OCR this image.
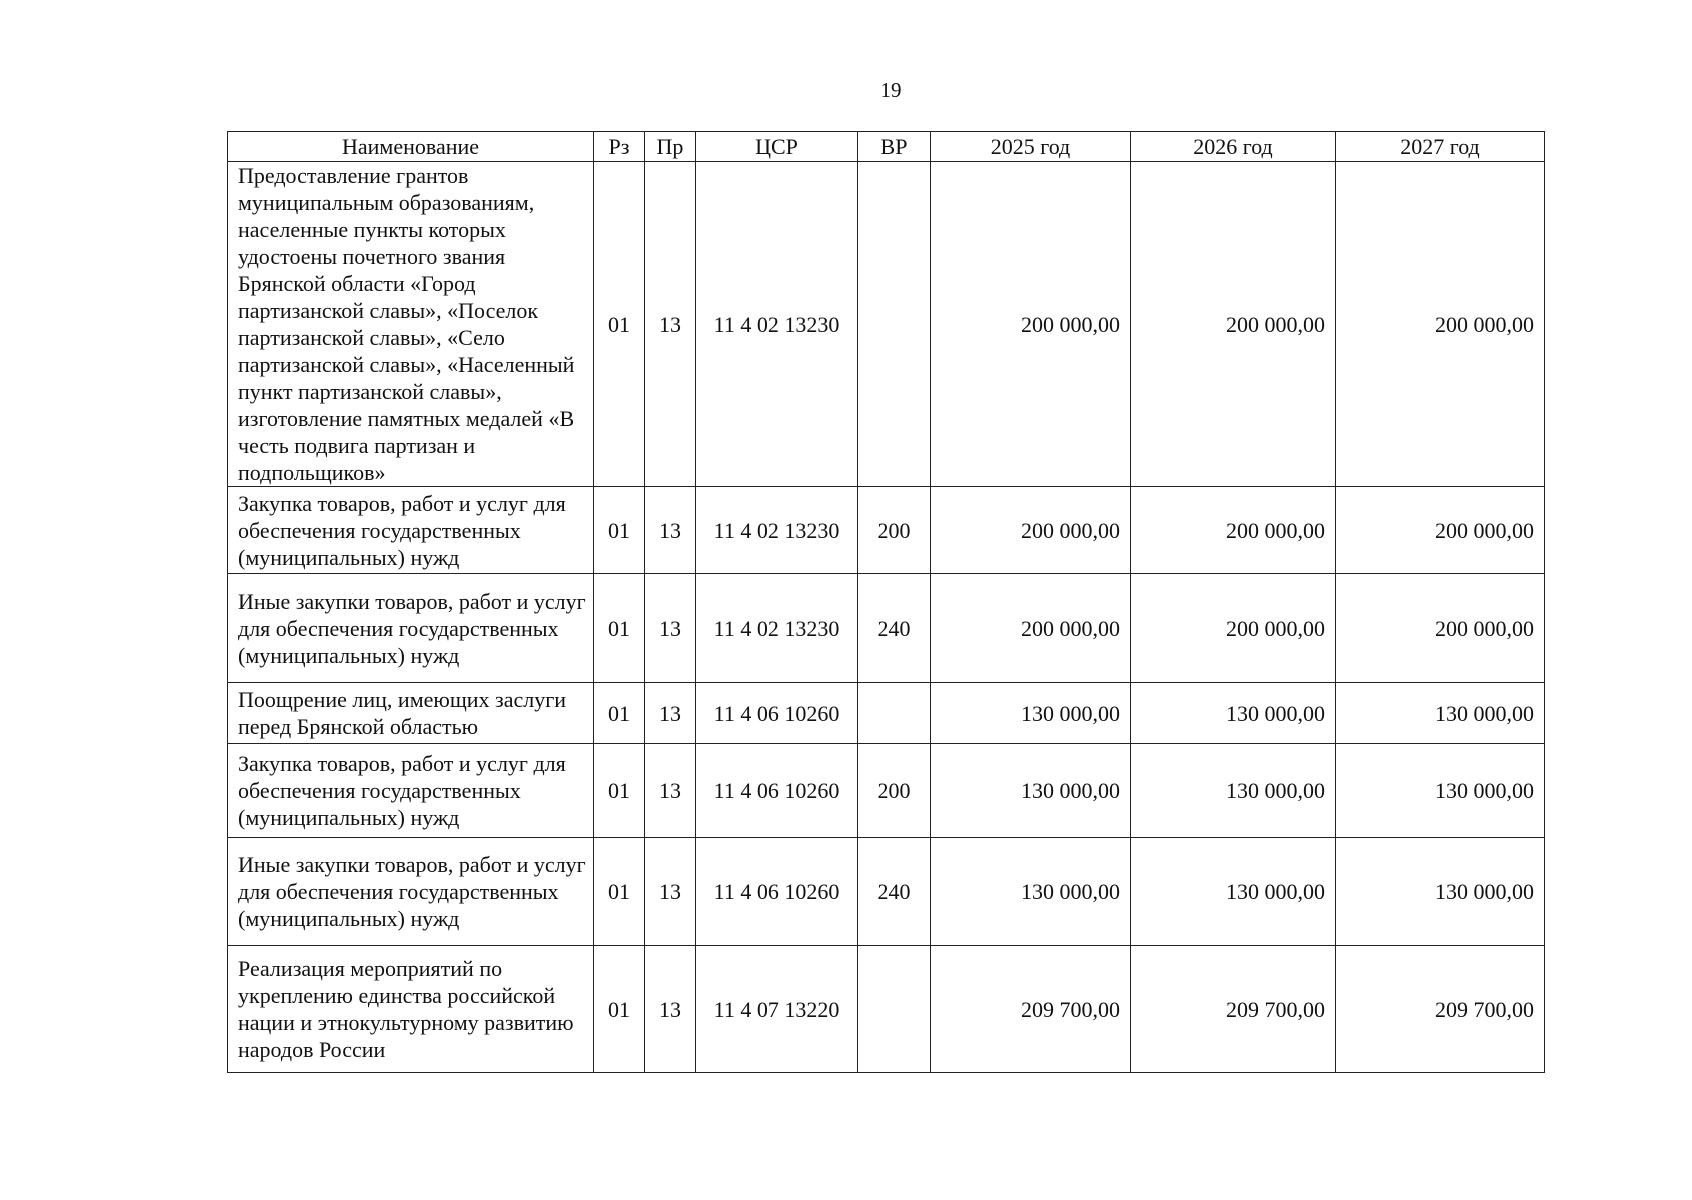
19
Наименование	Рз	Пр	ЦСР	ВР	2025 год	2026 год	2027 год
Предоставление грантов муниципальным образованиям, населенные пункты которых удостоены почетного звания Брянской области «Город партизанской славы», «Поселок партизанской славы», «Село партизанской славы», «Населенный пункт партизанской славы», изготовление памятных медалей «В честь подвига партизан и подпольщиков»	01	13	11 4 02 13230		200 000,00	200 000,00	200 000,00
Закупка товаров, работ и услуг для обеспечения государственных (муниципальных) нужд	01	13	11 4 02 13230	200	200 000,00	200 000,00	200 000,00
Иные закупки товаров, работ и услуг для обеспечения государственных (муниципальных) нужд	01	13	11 4 02 13230	240	200 000,00	200 000,00	200 000,00
Поощрение лиц, имеющих заслуги перед Брянской областью	01	13	11 4 06 10260		130 000,00	130 000,00	130 000,00
Закупка товаров, работ и услуг для обеспечения государственных (муниципальных) нужд	01	13	11 4 06 10260	200	130 000,00	130 000,00	130 000,00
Иные закупки товаров, работ и услуг для обеспечения государственных (муниципальных) нужд	01	13	11 4 06 10260	240	130 000,00	130 000,00	130 000,00
Реализация мероприятий по укреплению единства российской нации и этнокультурному развитию народов России	01	13	11 4 07 13220		209 700,00	209 700,00	209 700,00
